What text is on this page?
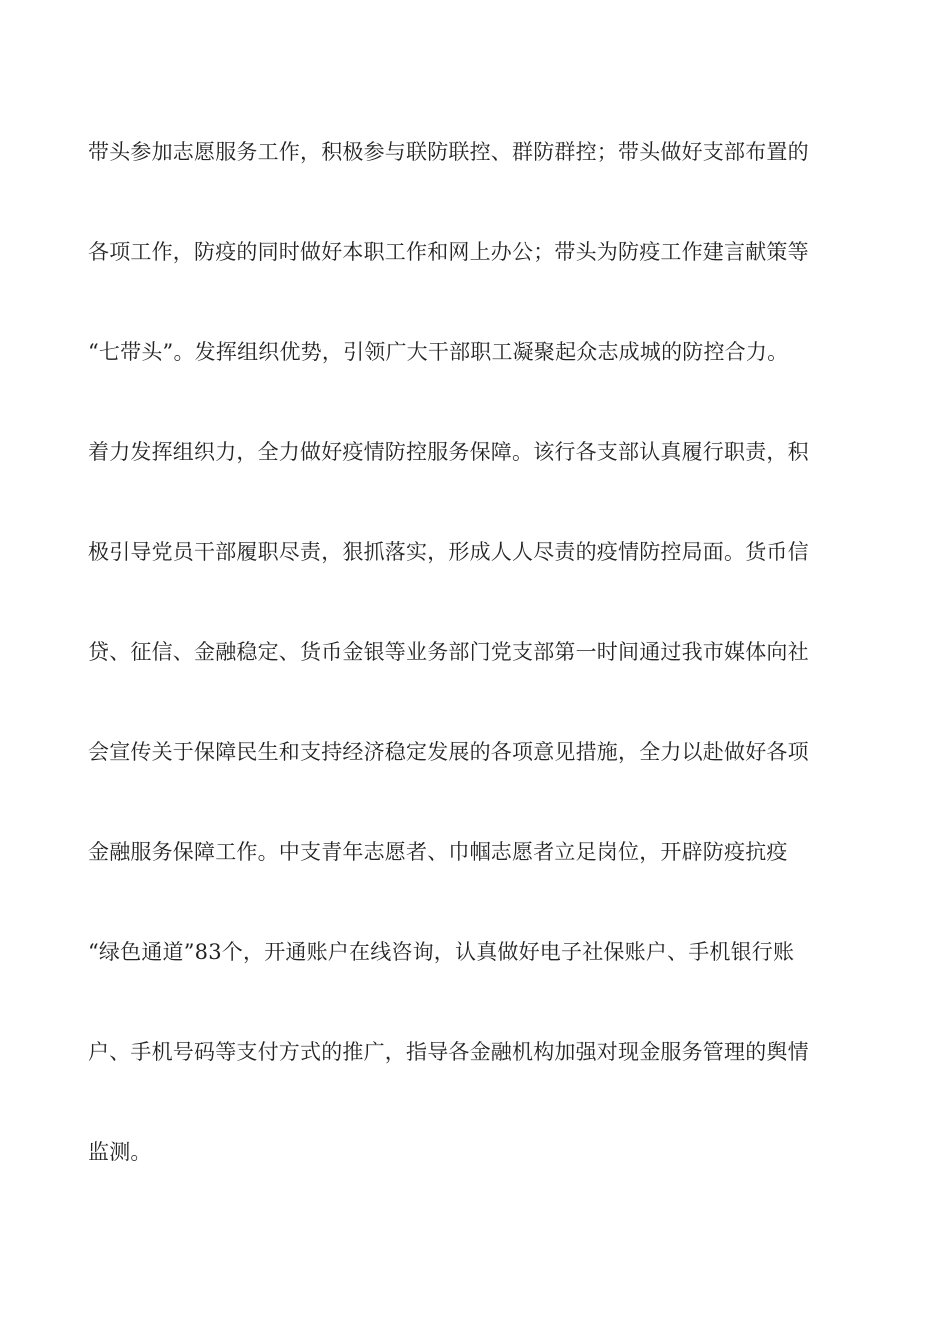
带头参加志愿服务工作，积极参与联防联控、群防群控；带头做好支部布置的
各项工作，防疫的同时做好本职工作和网上办公；带头为防疫工作建言献策等
“七带头”。发挥组织优势，引领广大干部职工凝聚起众志成城的防控合力。
着力发挥组织力，全力做好疫情防控服务保障。该行各支部认真履行职责，积
极引导党员干部履职尽责，狠抓落实，形成人人尽责的疫情防控局面。货币信
贷、征信、金融稳定、货币金银等业务部门党支部第一时间通过我市媒体向社
会宣传关于保障民生和支持经济稳定发展的各项意见措施，全力以赴做好各项
金融服务保障工作。中支青年志愿者、巾帼志愿者立足岗位，开辟防疫抗疫
“绿色通道”83个，开通账户在线咨询，认真做好电子社保账户、手机银行账
户、手机号码等支付方式的推广，指导各金融机构加强对现金服务管理的舆情
监测。
